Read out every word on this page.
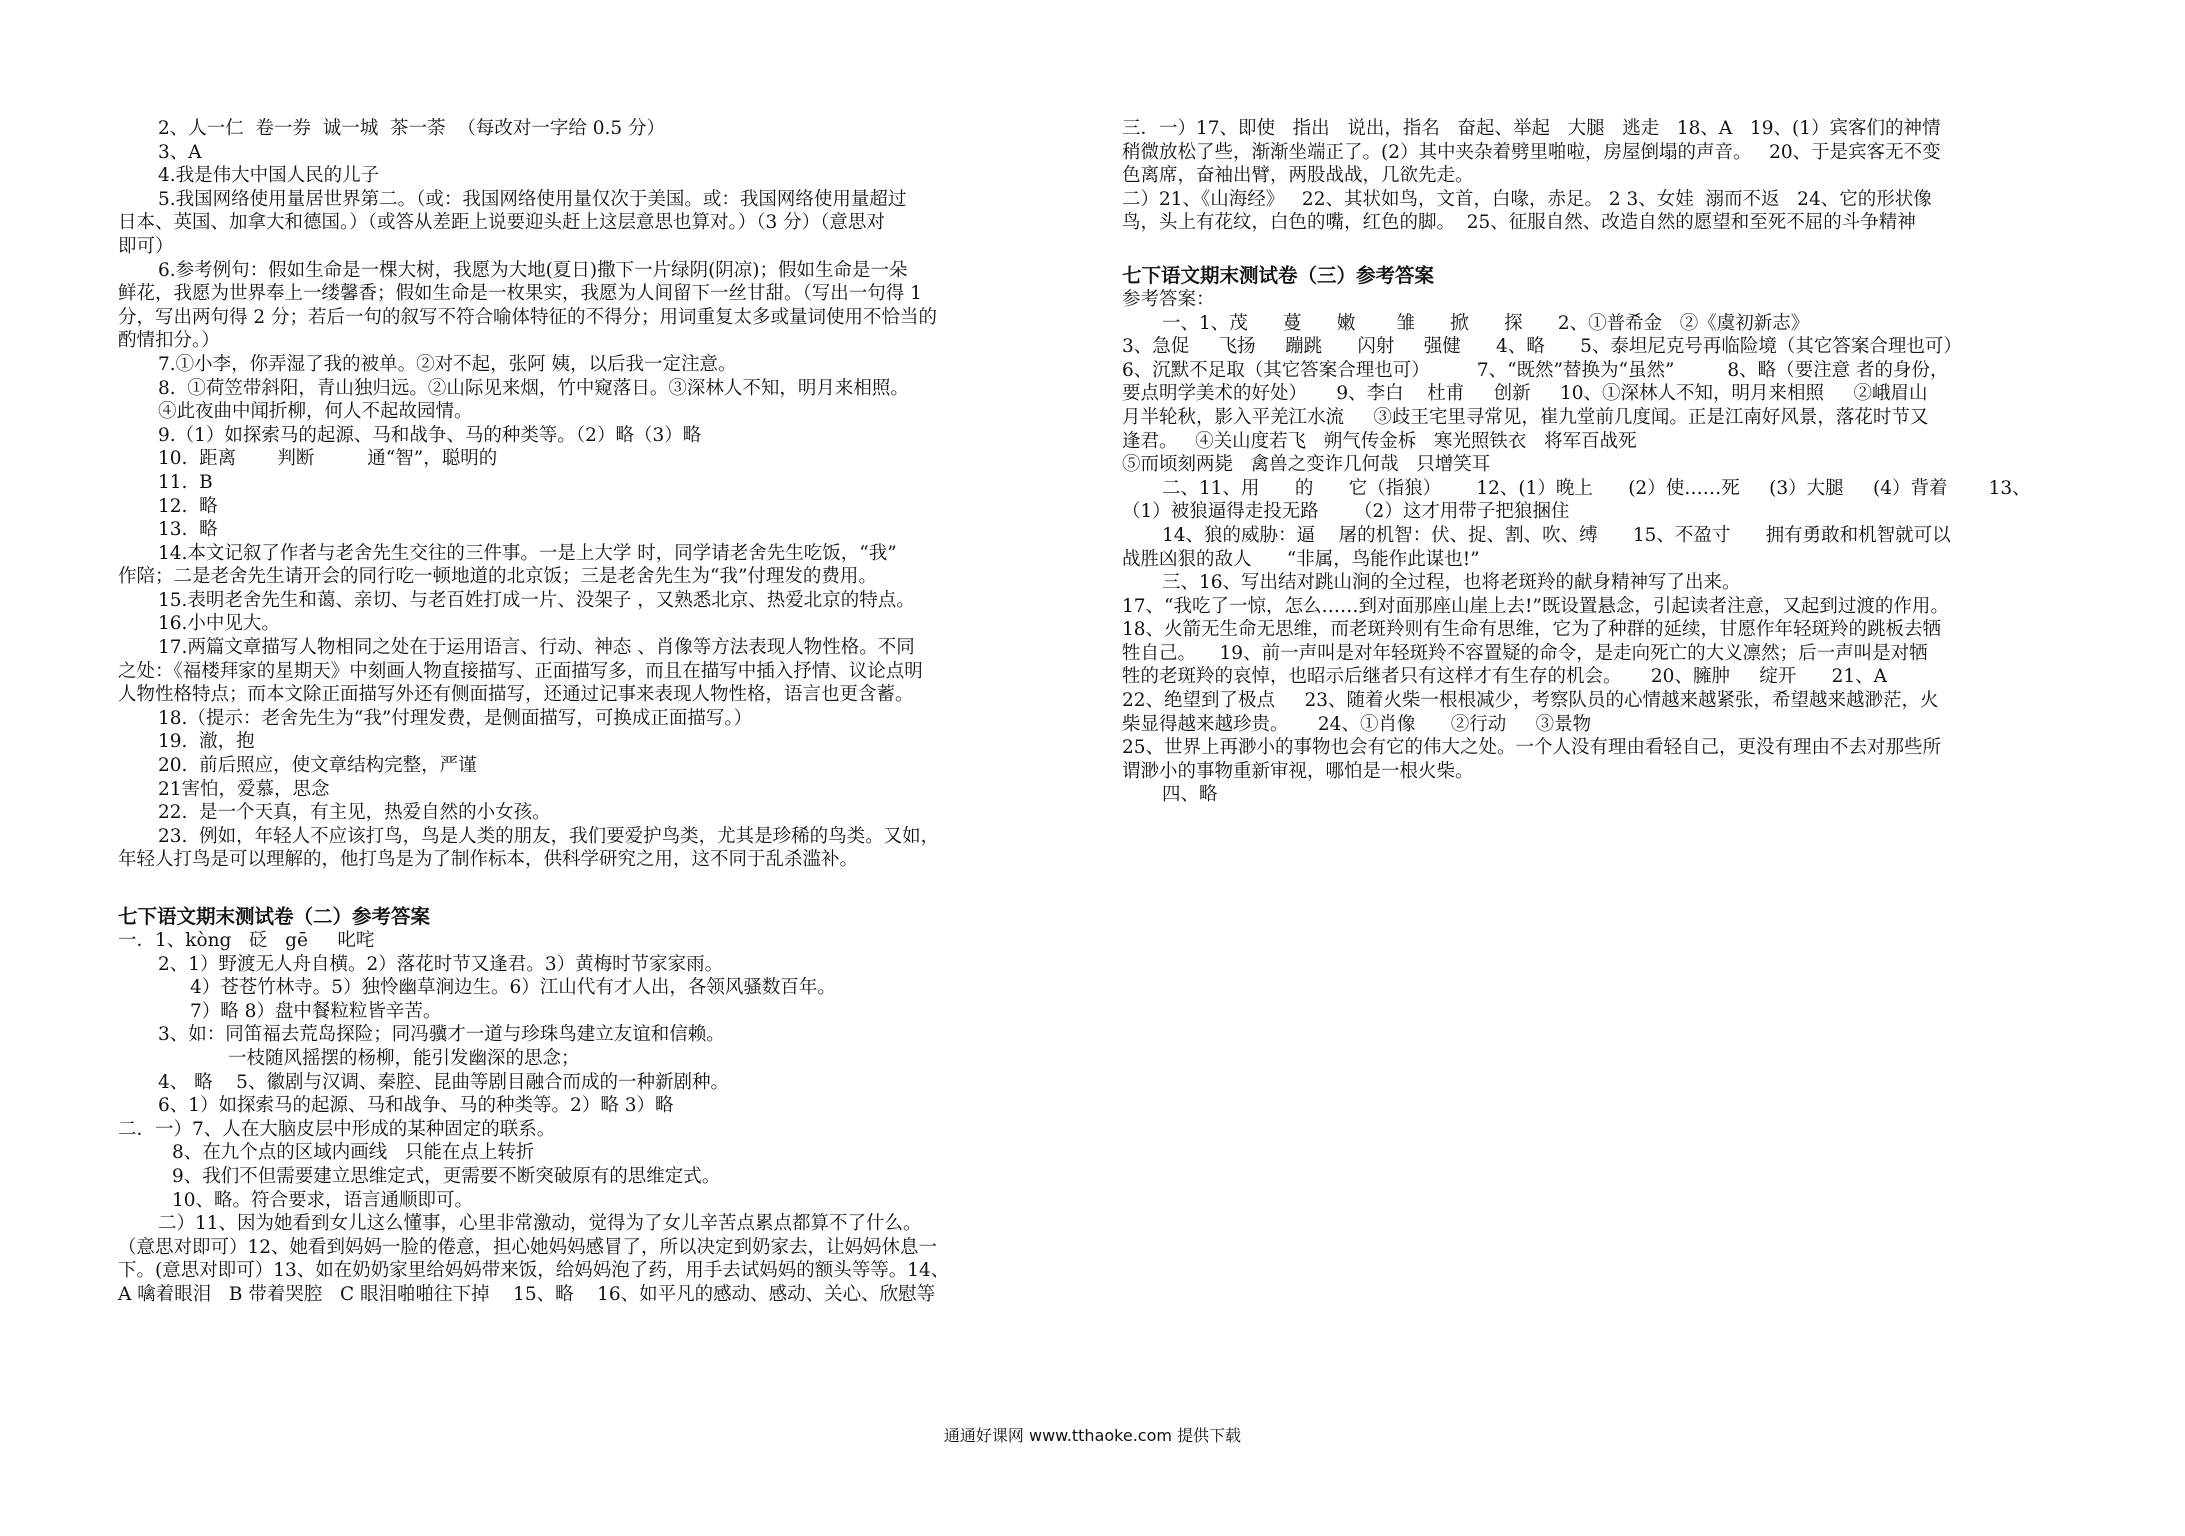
2、人一仁  卷一券  诚一城  茶一荼  （每改对一字给 0.5 分）

3、A

4.我是伟大中国人民的儿子

5.我国网络使用量居世界第二。（或：我国网络使用量仅次于美国。或：我国网络使用量超过

日本、英国、加拿大和德国。）（或答从差距上说要迎头赶上这层意思也算对。）（3 分）（意思对

即可）

6.参考例句：假如生命是一棵大树，我愿为大地(夏日)撒下一片绿阴(阴凉)；假如生命是一朵

鲜花，我愿为世界奉上一缕馨香；假如生命是一枚果实，我愿为人间留下一丝甘甜。（写出一句得 1

分，写出两句得 2 分；若后一句的叙写不符合喻体特征的不得分；用词重复太多或量词使用不恰当的

酌情扣分。）

7.①小李，你弄湿了我的被单。②对不起，张阿 姨，以后我一定注意。

8.  ①荷笠带斜阳，青山独归远。②山际见来烟，竹中窥落日。③深林人不知，明月来相照。

④此夜曲中闻折柳，何人不起故园情。

9.（1）如探索马的起源、马和战争、马的种类等。（2）略（3）略

10.  距离       判断         通“智”，聪明的

11.  B

12.  略

13.  略

14.本文记叙了作者与老舍先生交往的三件事。一是上大学 时，同学请老舍先生吃饭，“我”

作陪；二是老舍先生请开会的同行吃一顿地道的北京饭；三是老舍先生为“我”付理发的费用。

15.表明老舍先生和蔼、亲切、与老百姓打成一片、没架子 ，又熟悉北京、热爱北京的特点。

16.小中见大。

17.两篇文章描写人物相同之处在于运用语言、行动、神态 、肖像等方法表现人物性格。不同

之处：《福楼拜家的星期天》中刻画人物直接描写、正面描写多，而且在描写中插入抒情、议论点明

人物性格特点；而本文除正面描写外还有侧面描写，还通过记事来表现人物性格，语言也更含蓄。

18.（提示：老舍先生为“我”付理发费，是侧面描写，可换成正面描写。）

19.  澈，抱

20.  前后照应，使文章结构完整，严谨

21害怕，爱慕，思念

22.  是一个天真，有主见，热爱自然的小女孩。

23.  例如，年轻人不应该打鸟，鸟是人类的朋友，我们要爱护鸟类，尤其是珍稀的鸟类。又如，

年轻人打鸟是可以理解的，他打鸟是为了制作标本，供科学研究之用，这不同于乱杀滥补。

七下语文期末测试卷（二）参考答案

一．1、kòng   砭   gē     叱咤

2、1）野渡无人舟自横。2）落花时节又逢君。3）黄梅时节家家雨。

4）苍苍竹林寺。5）独怜幽草涧边生。6）江山代有才人出，各领风骚数百年。

7）略 8）盘中餐粒粒皆辛苦。

3、如：同笛福去荒岛探险；同冯骥才一道与珍珠鸟建立友谊和信赖。

一枝随风摇摆的杨柳，能引发幽深的思念；

4、 略    5、徽剧与汉调、秦腔、昆曲等剧目融合而成的一种新剧种。

6、1）如探索马的起源、马和战争、马的种类等。2）略 3）略

二．一）7、人在大脑皮层中形成的某种固定的联系。

8、在九个点的区域内画线   只能在点上转折

9、我们不但需要建立思维定式，更需要不断突破原有的思维定式。

10、略。符合要求，语言通顺即可。

二）11、因为她看到女儿这么懂事，心里非常激动，觉得为了女儿辛苦点累点都算不了什么。

（意思对即可）12、她看到妈妈一脸的倦意，担心她妈妈感冒了，所以决定到奶家去，让妈妈休息一

下。(意思对即可）13、如在奶奶家里给妈妈带来饭，给妈妈泡了药，用手去试妈妈的额头等等。14、

A 噙着眼泪   B 带着哭腔   C 眼泪啪啪往下掉    15、略    16、如平凡的感动、感动、关心、欣慰等

三．一）17、即使   指出   说出，指名   奋起、举起   大腿   逃走   18、A   19、(1）宾客们的神情

稍微放松了些，渐渐坐端正了。(2）其中夹杂着劈里啪啦，房屋倒塌的声音。   20、于是宾客无不变

色离席，奋袖出臂，两股战战，几欲先走。

二）21、《山海经》   22、其状如鸟，文首，白喙，赤足。 2 3、女娃  溺而不返   24、它的形状像

鸟，头上有花纹，白色的嘴，红色的脚。  25、征服自然、改造自然的愿望和至死不屈的斗争精神

七下语文期末测试卷（三）参考答案

参考答案：

一、1、茂      蔓      嫩       雏      掀      探      2、①普希金   ②《虞初新志》

3、急促     飞扬     蹦跳      闪射     强健      4、略      5、泰坦尼克号再临险境（其它答案合理也可）

6、沉默不足取（其它答案合理也可）        7、“既然”替换为“虽然”         8、略（要注意 者的身份，

要点明学美术的好处）     9、李白    杜甫     创新     10、①深林人不知，明月来相照     ②峨眉山

月半轮秋，影入平羌江水流     ③歧王宅里寻常见，崔九堂前几度闻。正是江南好风景，落花时节又

逢君。   ④关山度若飞   朔气传金柝   寒光照铁衣   将军百战死

⑤而顷刻两毙   禽兽之变诈几何哉   只增笑耳

二、11、用      的      它（指狼）      12、(1）晚上      (2）使……死     (3）大腿     (4）背着       13、

（1）被狼逼得走投无路      （2）这才用带子把狼捆住

14、狼的威胁：逼    屠的机智：伏、捉、割、吹、缚      15、不盈寸      拥有勇敢和机智就可以

战胜凶狠的敌人      “非属，鸟能作此谋也!”

三、16、写出结对跳山涧的全过程，也将老斑羚的献身精神写了出来。

17、“我吃了一惊，怎么……到对面那座山崖上去!”既设置悬念，引起读者注意，又起到过渡的作用。

18、火箭无生命无思维，而老斑羚则有生命有思维，它为了种群的延续，甘愿作年轻斑羚的跳板去牺

牲自己。    19、前一声叫是对年轻斑羚不容置疑的命令，是走向死亡的大义凛然；后一声叫是对牺

牲的老斑羚的哀悼，也昭示后继者只有这样才有生存的机会。     20、臃肿     绽开      21、A

22、绝望到了极点     23、随着火柴一根根减少，考察队员的心情越来越紧张，希望越来越渺茫，火

柴显得越来越珍贵。     24、①肖像      ②行动     ③景物

25、世界上再渺小的事物也会有它的伟大之处。一个人没有理由看轻自己，更没有理由不去对那些所

谓渺小的事物重新审视，哪怕是一根火柴。

四、略

通通好课网 www.tthaoke.com 提供下载
